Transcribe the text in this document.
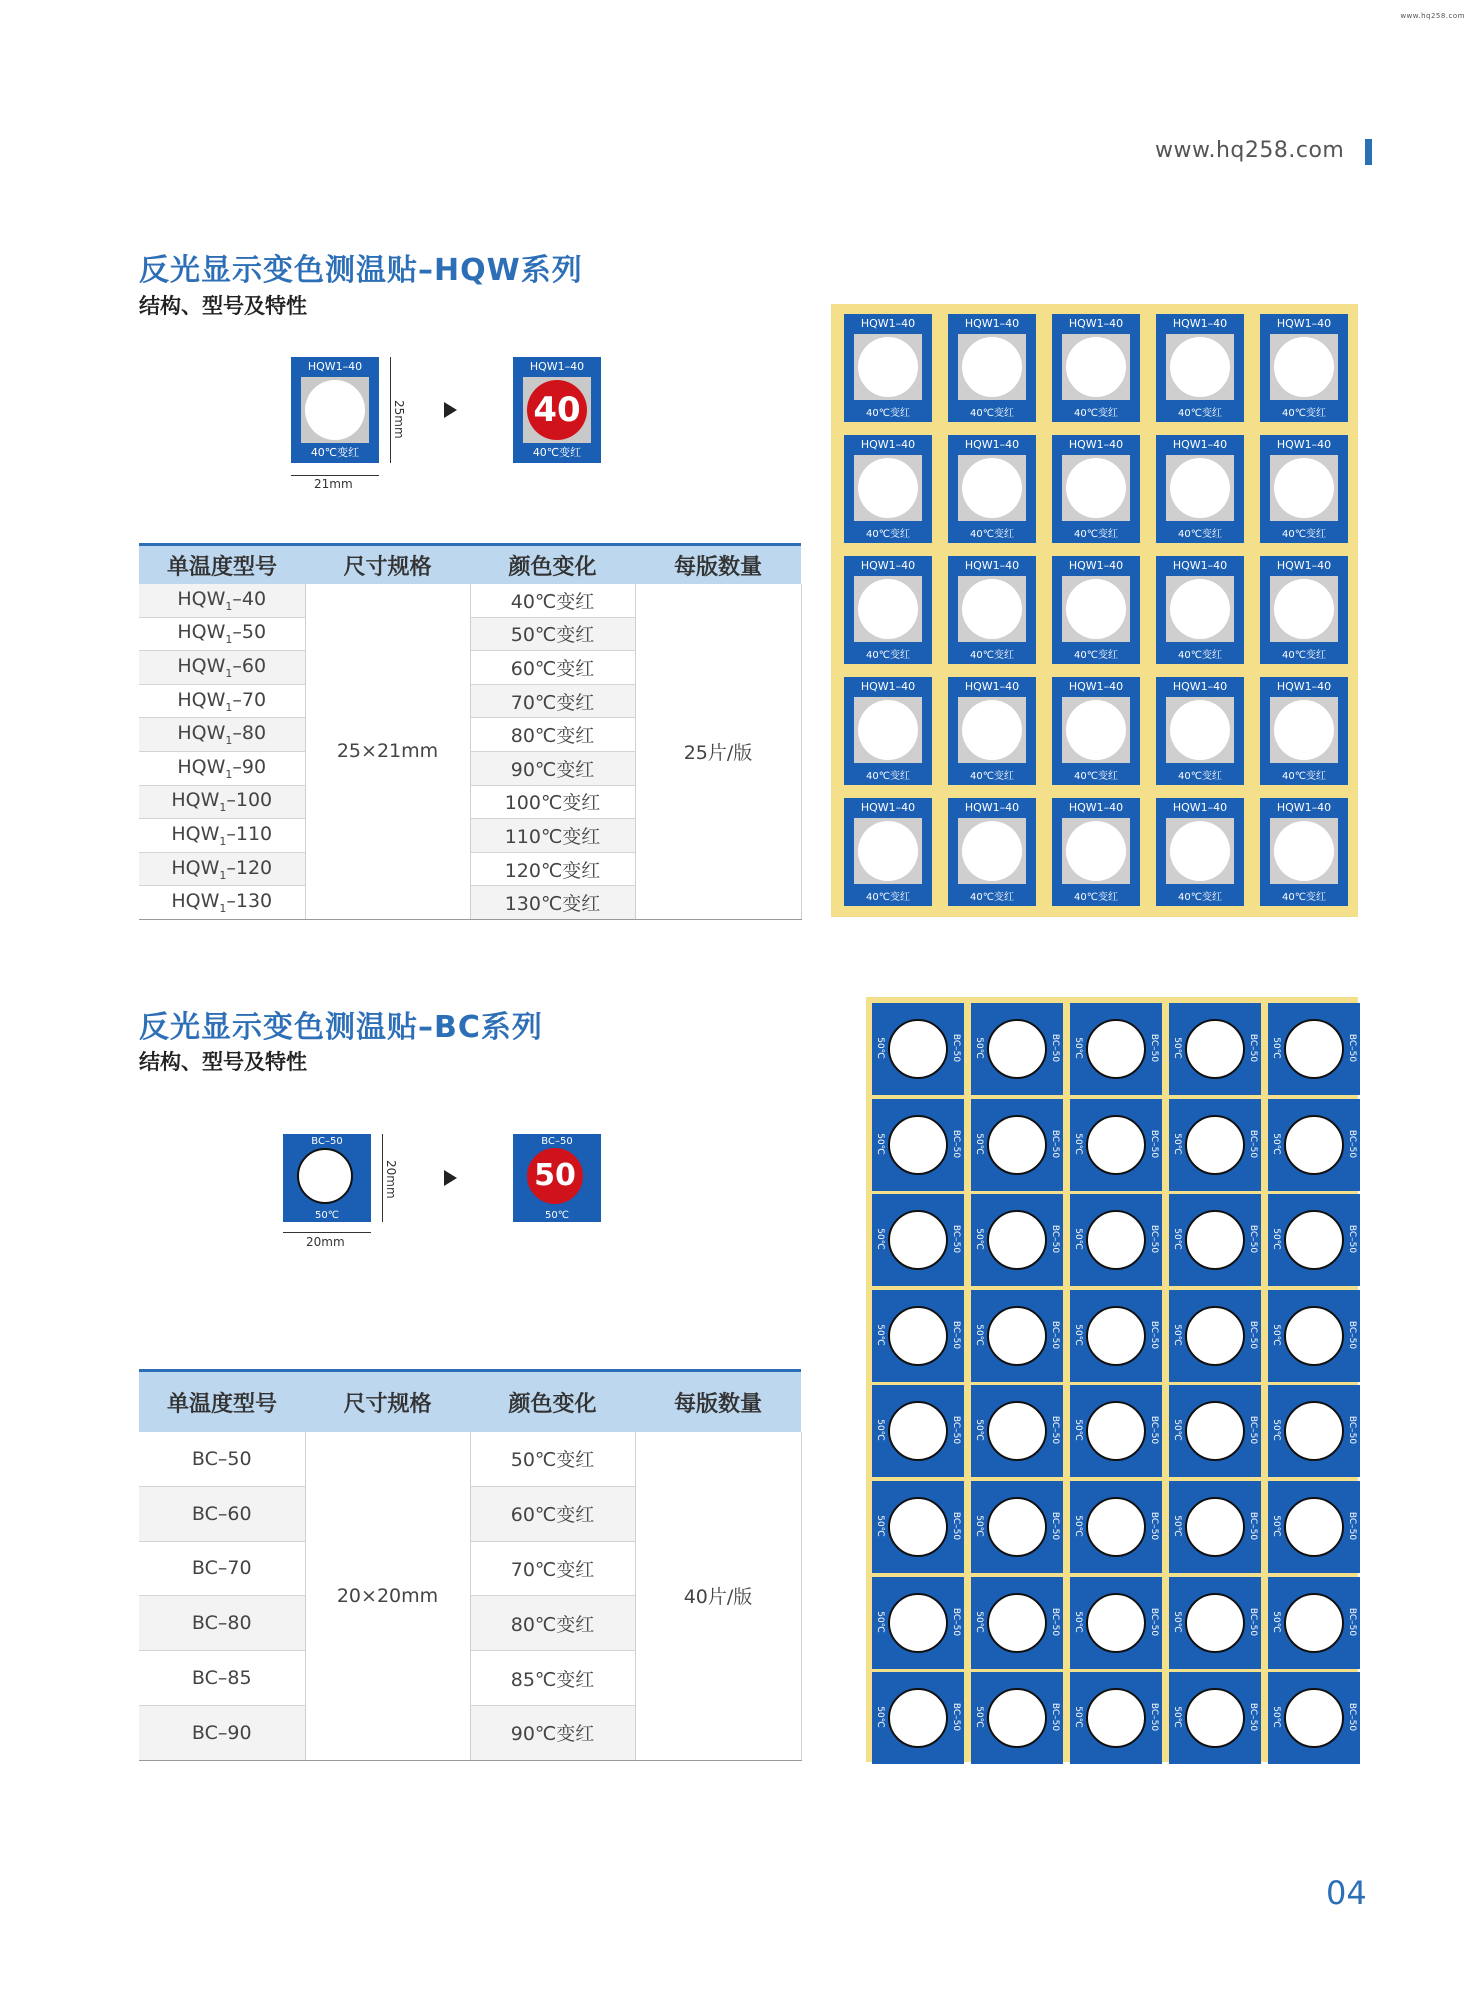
www.hq258.com
www.hq258.com
反光显示变色测温贴–HQW系列
结构、型号及特性
HQW1–40
40℃变红
25mm
21mm
HQW1–40
40
40℃变红
单温度型号	尺寸规格	颜色变化	每版数量
$HQW_1-40$	25×21mm	40℃变红	25片/版
$HQW_1-50$		50℃变红	
$HQW_1-60$		60℃变红	
$HQW_1-70$		70℃变红	
$HQW_1-80$		80℃变红	
$HQW_1-90$		90℃变红	
$HQW_1-100$		100℃变红	
$HQW_1-110$		110℃变红	
$HQW_1-120$		120℃变红	
$HQW_1-130$		130℃变红	
HQW1–40
40℃变红
HQW1–40
40℃变红
HQW1–40
40℃变红
HQW1–40
40℃变红
HQW1–40
40℃变红
HQW1–40
40℃变红
HQW1–40
40℃变红
HQW1–40
40℃变红
HQW1–40
40℃变红
HQW1–40
40℃变红
HQW1–40
40℃变红
HQW1–40
40℃变红
HQW1–40
40℃变红
HQW1–40
40℃变红
HQW1–40
40℃变红
HQW1–40
40℃变红
HQW1–40
40℃变红
HQW1–40
40℃变红
HQW1–40
40℃变红
HQW1–40
40℃变红
HQW1–40
40℃变红
HQW1–40
40℃变红
HQW1–40
40℃变红
HQW1–40
40℃变红
HQW1–40
40℃变红
反光显示变色测温贴–BC系列
结构、型号及特性
BC–50
50℃
20mm
20mm
BC–50
50
50℃
单温度型号	尺寸规格	颜色变化	每版数量
BC–50	20×20mm	50℃变红	40片/版
BC–60		60℃变红	
BC–70		70℃变红	
BC–80		80℃变红	
BC–85		85℃变红	
BC–90		90℃变红	
50℃	BC–50 50℃	BC–50 50℃	BC–50 50℃	BC–50 50℃	BC–50
50℃	BC–50 50℃	BC–50 50℃	BC–50 50℃	BC–50 50℃	BC–50
50℃	BC–50 50℃	BC–50 50℃	BC–50 50℃	BC–50 50℃	BC–50
50℃	BC–50 50℃	BC–50 50℃	BC–50 50℃	BC–50 50℃	BC–50
50℃	BC–50 50℃	BC–50 50℃	BC–50 50℃	BC–50 50℃	BC–50
50℃	BC–50 50℃	BC–50 50℃	BC–50 50℃	BC–50 50℃	BC–50
50℃	BC–50 50℃	BC–50 50℃	BC–50 50℃	BC–50 50℃	BC–50
50℃	BC–50 50℃	BC–50 50℃	BC–50 50℃	BC–50 50℃	BC–50
04
